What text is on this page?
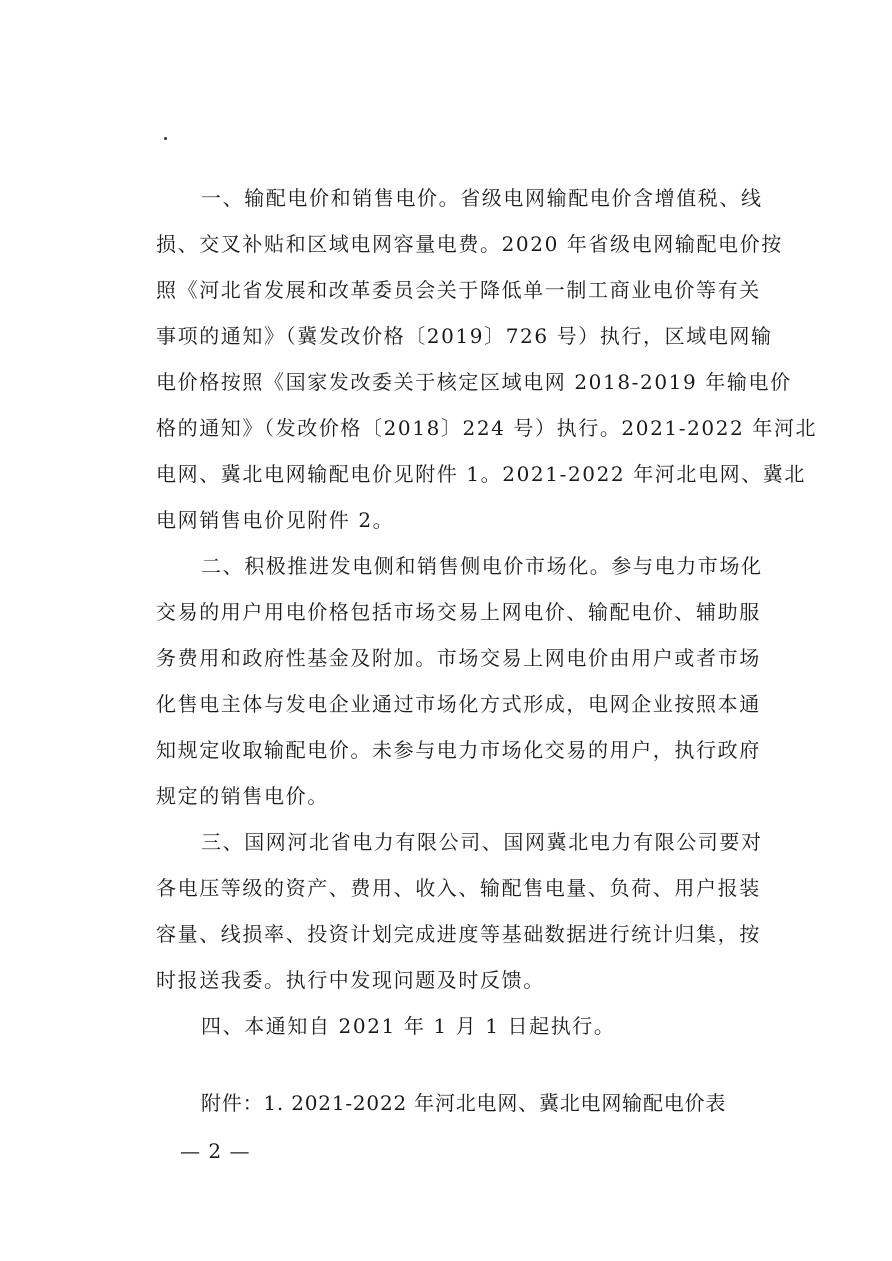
一、输配电价和销售电价。省级电网输配电价含增值税、线
损、交叉补贴和区域电网容量电费。2020 年省级电网输配电价按
照《河北省发展和改革委员会关于降低单一制工商业电价等有关
事项的通知》（冀发改价格〔2019〕726 号）执行，区域电网输
电价格按照《国家发改委关于核定区域电网 2018-2019 年输电价
格的通知》（发改价格〔2018〕224 号）执行。2021-2022 年河北
电网、冀北电网输配电价见附件 1。2021-2022 年河北电网、冀北
电网销售电价见附件 2。
二、积极推进发电侧和销售侧电价市场化。参与电力市场化
交易的用户用电价格包括市场交易上网电价、输配电价、辅助服
务费用和政府性基金及附加。市场交易上网电价由用户或者市场
化售电主体与发电企业通过市场化方式形成，电网企业按照本通
知规定收取输配电价。未参与电力市场化交易的用户，执行政府
规定的销售电价。
三、国网河北省电力有限公司、国网冀北电力有限公司要对
各电压等级的资产、费用、收入、输配售电量、负荷、用户报装
容量、线损率、投资计划完成进度等基础数据进行统计归集，按
时报送我委。执行中发现问题及时反馈。
四、本通知自 2021 年 1 月 1 日起执行。
附件：1. 2021-2022 年河北电网、冀北电网输配电价表
— 2 —
